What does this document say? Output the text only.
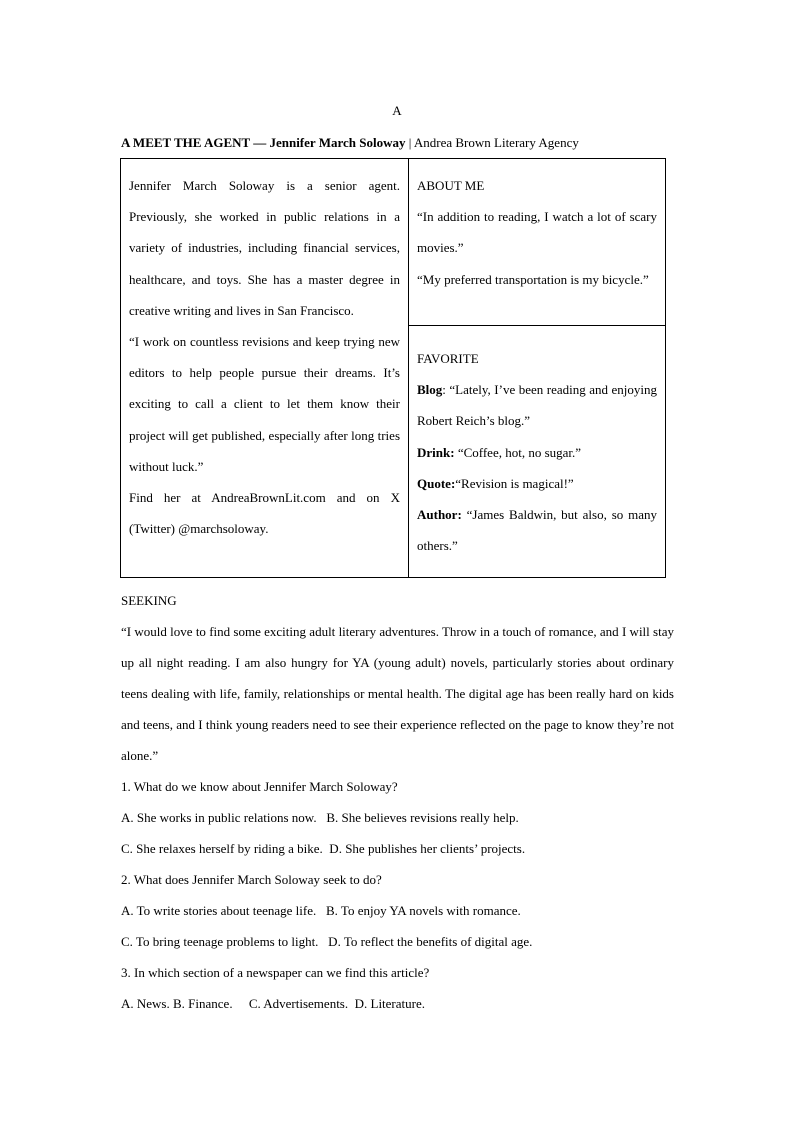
A
A MEET THE AGENT — Jennifer March Soloway | Andrea Brown Literary Agency

Jennifer March Soloway is a senior agent. Previously, she worked in public relations in a variety of industries, including financial services, healthcare, and toys. She has a master degree in creative writing and lives in San Francisco.

“I work on countless revisions and keep trying new editors to help people pursue their dreams. It’s exciting to call a client to let them know their project will get published, especially after long tries without luck.”

Find her at AndreaBrownLit.com and on X (Twitter) @marchsoloway.

ABOUT ME

“In addition to reading, I watch a lot of scary movies.”

“My preferred transportation is my bicycle.”

FAVORITE

Blog: “Lately, I’ve been reading and enjoying Robert Reich’s blog.”

Drink: “Coffee, hot, no sugar.”

Quote:“Revision is magical!”

Author: “James Baldwin, but also, so many others.”

SEEKING

“I would love to find some exciting adult literary adventures. Throw in a touch of romance, and I will stay up all night reading. I am also hungry for YA (young adult) novels, particularly stories about ordinary teens dealing with life, family, relationships or mental health. The digital age has been really hard on kids and teens, and I think young readers need to see their experience reflected on the page to know they’re not alone.”

1. What do we know about Jennifer March Soloway?

A. She works in public relations now.   B. She believes revisions really help.

C. She relaxes herself by riding a bike.  D. She publishes her clients’ projects.

2. What does Jennifer March Soloway seek to do?

A. To write stories about teenage life.   B. To enjoy YA novels with romance.

C. To bring teenage problems to light.   D. To reflect the benefits of digital age.

3. In which section of a newspaper can we find this article?

A. News. B. Finance.     C. Advertisements.  D. Literature.
